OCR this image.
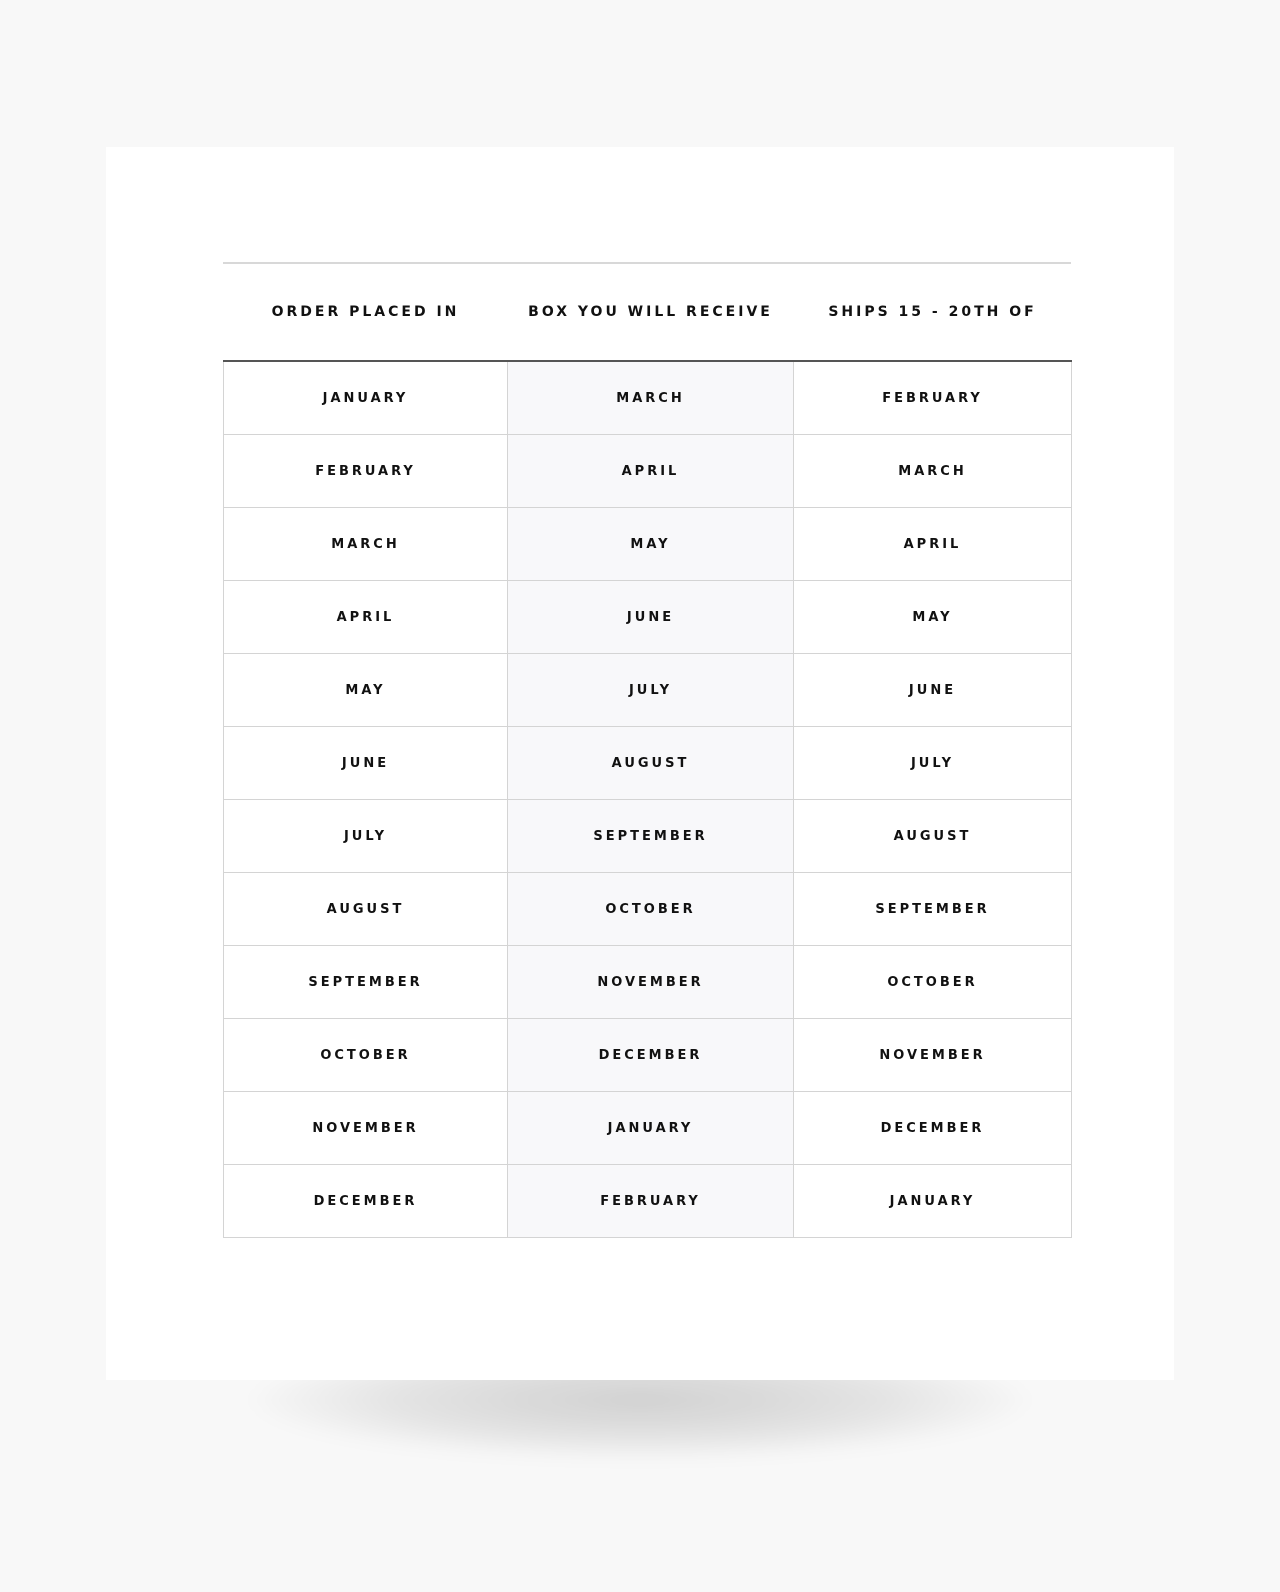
ORDER PLACED IN	BOX YOU WILL RECEIVE	SHIPS 15 - 20TH OF
JANUARY	MARCH	FEBRUARY
FEBRUARY	APRIL	MARCH
MARCH	MAY	APRIL
APRIL	JUNE	MAY
MAY	JULY	JUNE
JUNE	AUGUST	JULY
JULY	SEPTEMBER	AUGUST
AUGUST	OCTOBER	SEPTEMBER
SEPTEMBER	NOVEMBER	OCTOBER
OCTOBER	DECEMBER	NOVEMBER
NOVEMBER	JANUARY	DECEMBER
DECEMBER	FEBRUARY	JANUARY
